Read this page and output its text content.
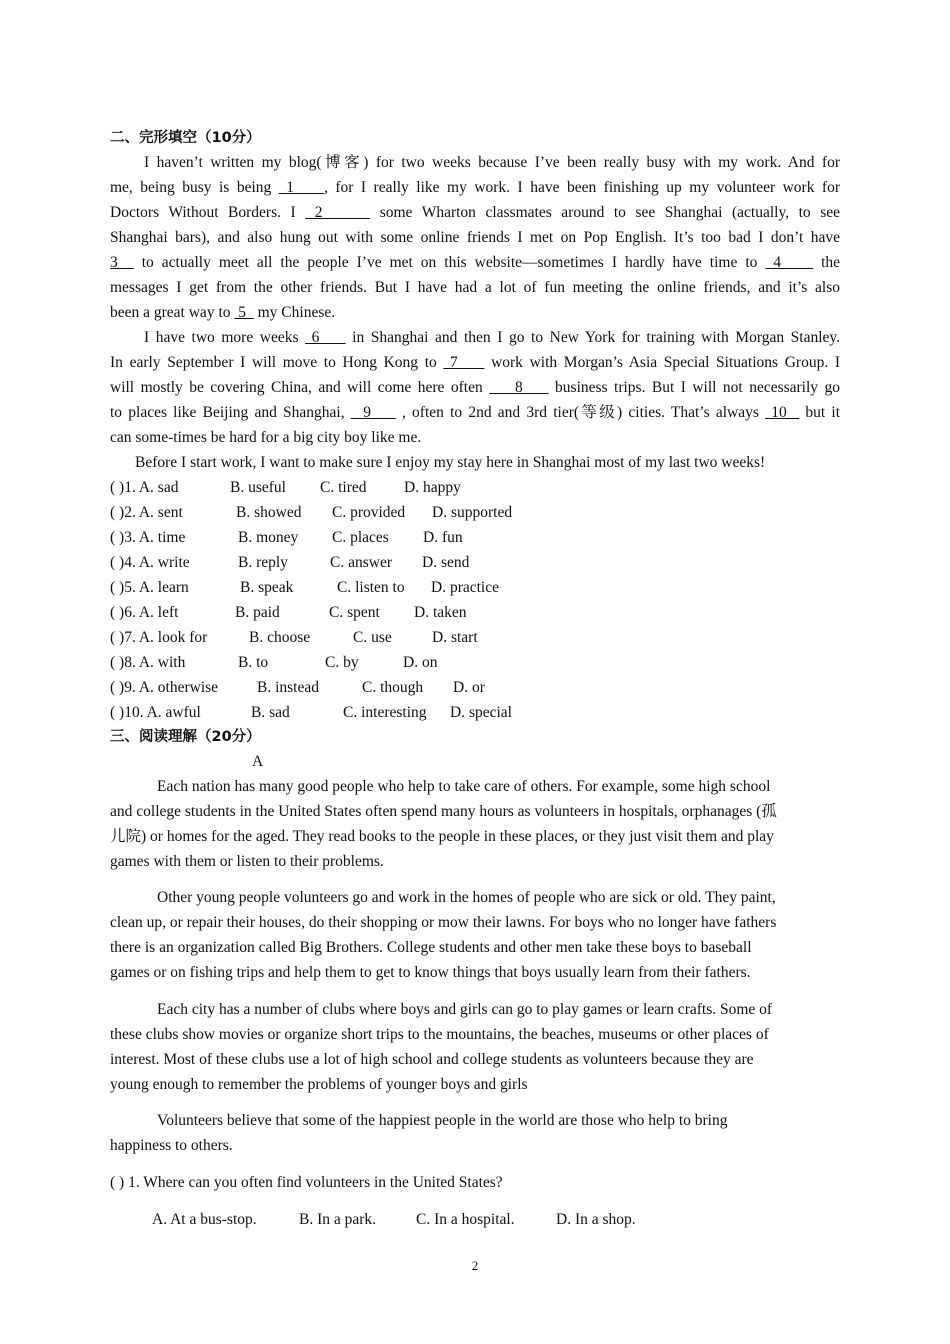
二、完形填空（10分）
I haven’t written my blog(博客) for two weeks because I’ve been really busy with my work. And for
me, being busy is being  1    , for I really like my work. I have been finishing up my volunteer work for
Doctors Without Borders. I  2      some Wharton classmates around to see Shanghai (actually, to see
Shanghai bars), and also hung out with some online friends I met on Pop English. It’s too bad I don’t have
3   to actually meet all the people I’ve met on this website—sometimes I hardly have time to  4     the
messages I get from the other friends. But I have had a lot of fun meeting the online friends, and it’s also
been a great way to  5   my Chinese.
I have two more weeks  6     in Shanghai and then I go to New York for training with Morgan Stanley.
In early September I will move to Hong Kong to  7     work with Morgan’s Asia Special Situations Group. I
will mostly be covering China, and will come here often     8     business trips. But I will not necessarily go
to places like Beijing and Shanghai,   9     , often to 2nd and 3rd tier(等级) cities. That’s always  10   but it
can some-times be hard for a big city boy like me.
Before I start work, I want to make sure I enjoy my stay here in Shanghai most of my last two weeks!
( )1. A. sad	B. useful C. tired D. happy
( )2. A. sent	B. showed C. provided D. supported
( )3. A. time	B. money C. places D. fun
( )4. A. write	B. reply	C. answer D. send
( )5. A. learn	B. speak	C. listen to D. practice
( )6. A. left	B. paid	C. spent D. taken
( )7. A. look for	B. choose	C. use	D. start
( )8. A. with	B. to	C. by	D. on
( )9. A. otherwise	B. instead	C. though D. or
( )10. A. awful	B. sad	C. interesting D. special
三、阅读理解（20分）
A
Each nation has many good people who help to take care of others. For example, some high school
and college students in the United States often spend many hours as volunteers in hospitals, orphanages (孤
儿院) or homes for the aged. They read books to the people in these places, or they just visit them and play
games with them or listen to their problems.
Other young people volunteers go and work in the homes of people who are sick or old. They paint,
clean up, or repair their houses, do their shopping or mow their lawns. For boys who no longer have fathers
there is an organization called Big Brothers. College students and other men take these boys to baseball
games or on fishing trips and help them to get to know things that boys usually learn from their fathers.
Each city has a number of clubs where boys and girls can go to play games or learn crafts. Some of
these clubs show movies or organize short trips to the mountains, the beaches, museums or other places of
interest. Most of these clubs use a lot of high school and college students as volunteers because they are
young enough to remember the problems of younger boys and girls
Volunteers believe that some of the happiest people in the world are those who help to bring
happiness to others.
( ) 1. Where can you often find volunteers in the United States?
A. At a bus-stop.	B. In a park.	C. In a hospital.	D. In a shop.
2
